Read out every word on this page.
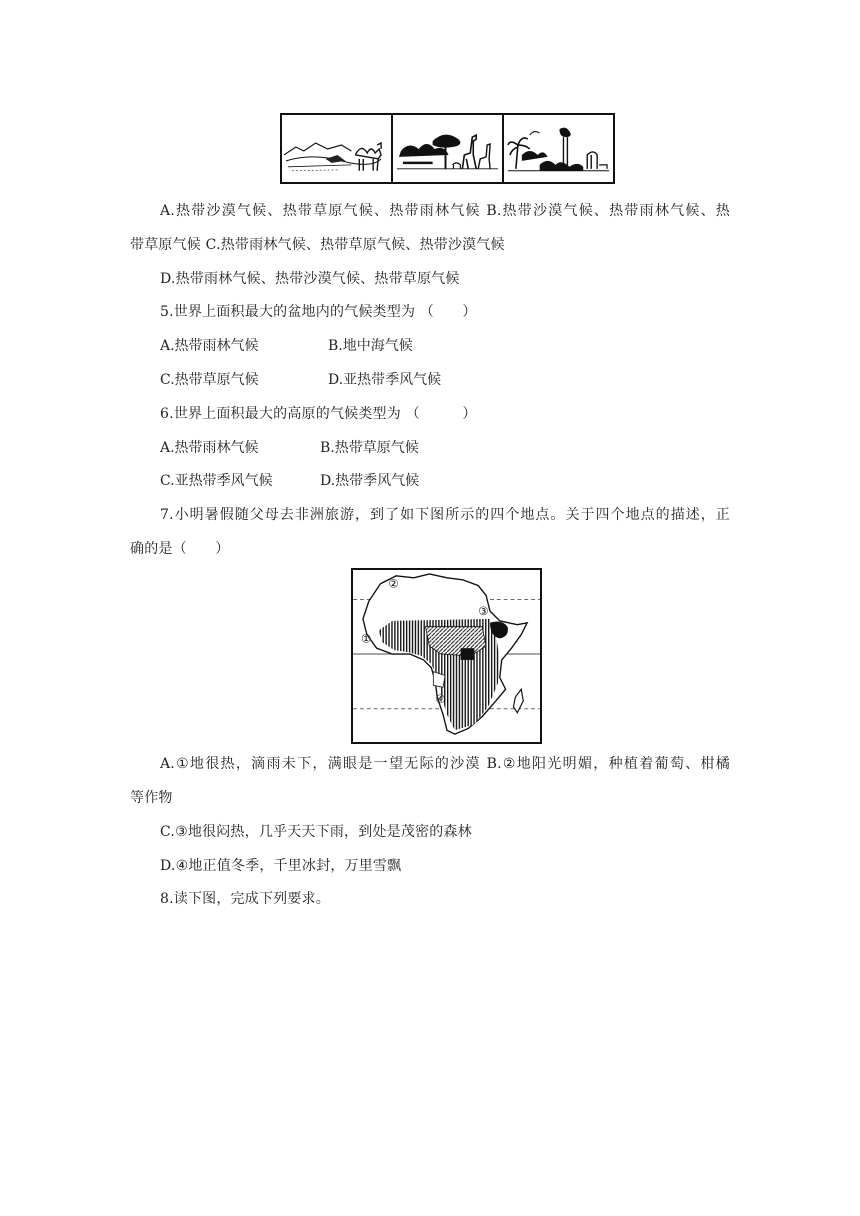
A.热带沙漠气候、热带草原气候、热带雨林气候 B.热带沙漠气候、热带雨林气候、热
带草原气候 C.热带雨林气候、热带草原气候、热带沙漠气候
D.热带雨林气候、热带沙漠气候、热带草原气候
5.世界上面积最大的盆地内的气候类型为 （　　）
A.热带雨林气候	B.地中海气候
C.热带草原气候	D.亚热带季风气候
6.世界上面积最大的高原的气候类型为 （　　　）
A.热带雨林气候	B.热带草原气候
C.亚热带季风气候	D.热带季风气候
7.小明暑假随父母去非洲旅游，到了如下图所示的四个地点。关于四个地点的描述，正
确的是（　　）
②
③
①
④
A.①地很热，滴雨未下，满眼是一望无际的沙漠 B.②地阳光明媚，种植着葡萄、柑橘
等作物
C.③地很闷热，几乎天天下雨，到处是茂密的森林
D.④地正值冬季，千里冰封，万里雪飘
8.读下图，完成下列要求。
